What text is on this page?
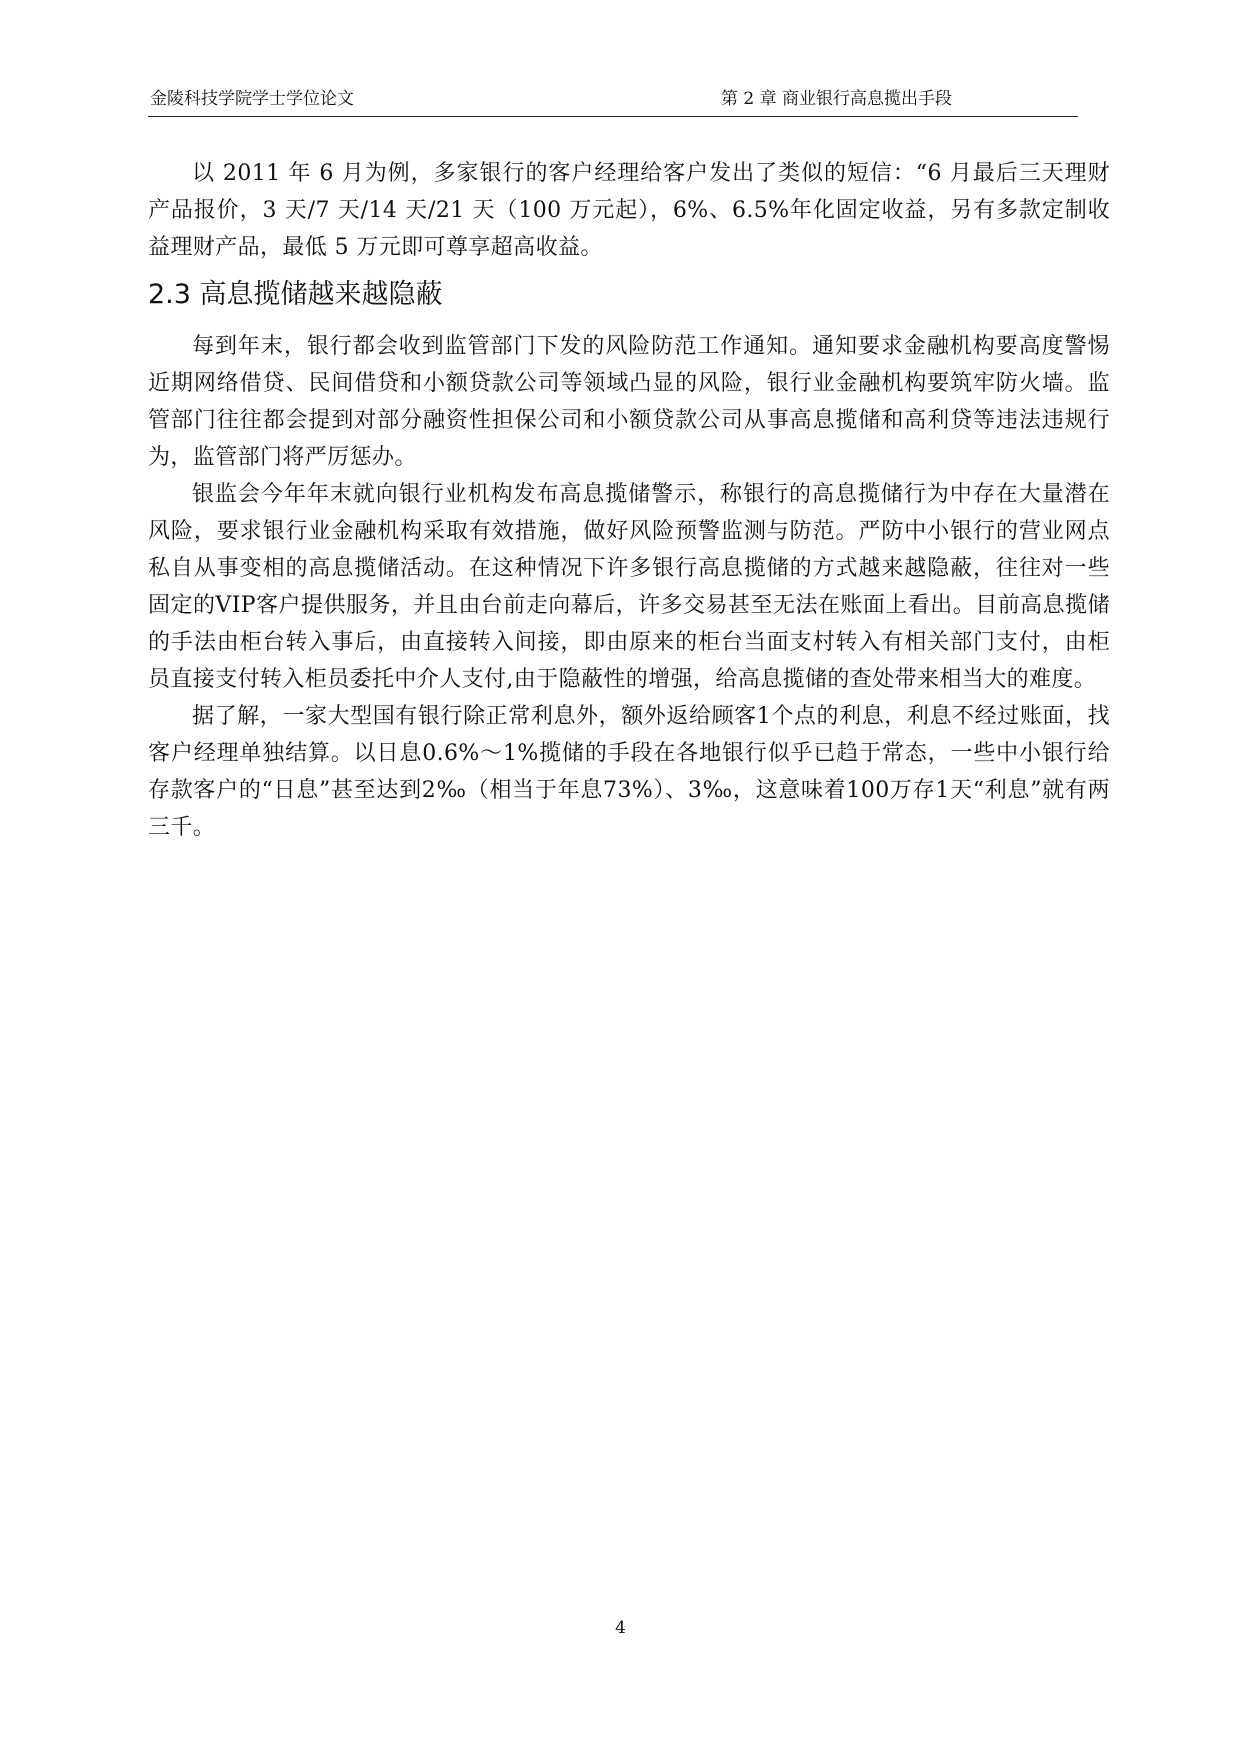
金陵科技学院学士学位论文	第 2 章 商业银行高息揽出手段

以 2011 年 6 月为例，多家银行的客户经理给客户发出了类似的短信：“6 月最后三天理财产品报价，3 天/7 天/14 天/21 天（100 万元起），6%、6.5%年化固定收益，另有多款定制收益理财产品，最低 5 万元即可尊享超高收益。

2.3 高息揽储越来越隐蔽

每到年末，银行都会收到监管部门下发的风险防范工作通知。通知要求金融机构要高度警惕近期网络借贷、民间借贷和小额贷款公司等领域凸显的风险，银行业金融机构要筑牢防火墙。监管部门往往都会提到对部分融资性担保公司和小额贷款公司从事高息揽储和高利贷等违法违规行为，监管部门将严厉惩办。

银监会今年年末就向银行业机构发布高息揽储警示，称银行的高息揽储行为中存在大量潜在风险，要求银行业金融机构采取有效措施，做好风险预警监测与防范。严防中小银行的营业网点私自从事变相的高息揽储活动。在这种情况下许多银行高息揽储的方式越来越隐蔽，往往对一些固定的VIP客户提供服务，并且由台前走向幕后，许多交易甚至无法在账面上看出。目前高息揽储的手法由柜台转入事后，由直接转入间接，即由原来的柜台当面支村转入有相关部门支付，由柜员直接支付转入柜员委托中介人支付,由于隐蔽性的增强，给高息揽储的查处带来相当大的难度。

据了解，一家大型国有银行除正常利息外，额外返给顾客1个点的利息，利息不经过账面，找客户经理单独结算。以日息0.6%～1%揽储的手段在各地银行似乎已趋于常态，一些中小银行给存款客户的“日息”甚至达到2‰（相当于年息73%）、3‰，这意味着100万存1天“利息”就有两三千。

4
